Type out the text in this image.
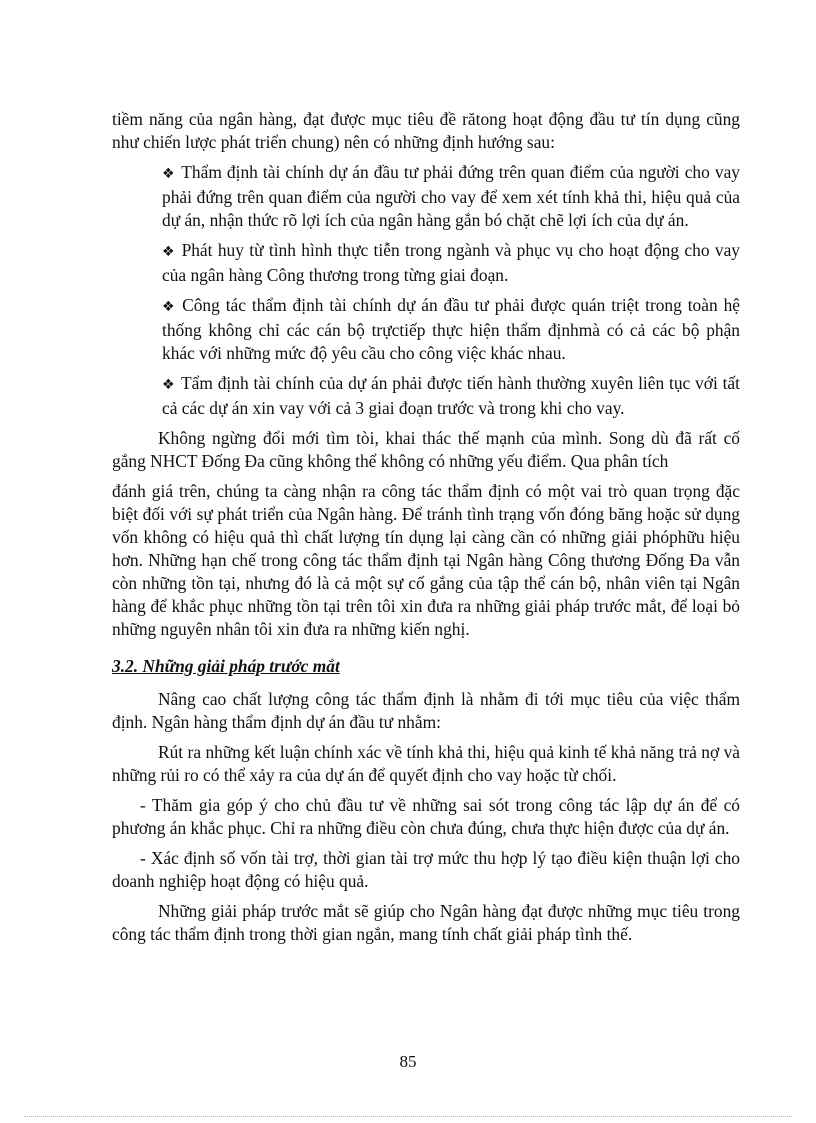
tiềm năng của ngân hàng, đạt được mục tiêu đề rătong hoạt động đầu tư tín dụng cũng như chiến lược phát triển chung) nên có những định hướng sau:

❖ Thẩm định tài chính dự án đầu tư phải đứng trên quan điểm của người cho vay phải đứng trên quan điểm của người cho vay để xem xét tính khả thi, hiệu quả của dự án, nhận thức rõ lợi ích của ngân hàng gắn bó chặt chẽ lợi ích của dự án.

❖ Phát huy từ tình hình thực tiễn trong ngành và phục vụ cho hoạt động cho vay của ngân hàng Công thương trong từng giai đoạn.

❖ Công tác thẩm định tài chính dự án đầu tư phải được quán triệt trong toàn hệ thống không chỉ các cán bộ trựctiếp thực hiện thẩm địnhmà có cả các bộ phận khác với những mức độ yêu cầu cho công việc khác nhau.

❖ Tẩm định tài chính của dự án phải được tiến hành thường xuyên liên tục với tất cả các dự án xin vay với cả 3 giai đoạn trước và trong khi cho vay.

Không ngừng đổi mới tìm tòi, khai thác thế mạnh của mình. Song dù đã rất cố gắng NHCT Đống Đa cũng không thể không có những yếu điểm. Qua phân tích

đánh giá trên, chúng ta càng nhận ra công tác thẩm định có một vai trò quan trọng đặc biệt đối với sự phát triển của Ngân hàng. Để tránh tình trạng vốn đóng băng hoặc sử dụng vốn không có hiệu quả thì chất lượng tín dụng lại càng cần có những giải phóphữu hiệu hơn. Những hạn chế trong công tác thẩm định tại Ngân hàng Công thương Đống Đa vẫn còn những tồn tại, nhưng đó là cả một sự cố gắng của tập thể cán bộ, nhân viên tại Ngân hàng để khắc phục những tồn tại trên tôi xin đưa ra những giải pháp trước mắt, để loại bỏ những nguyên nhân tôi xin đưa ra những kiến nghị.

3.2. Những giải pháp trước mắt

Nâng cao chất lượng công tác thẩm định là nhằm đi tới mục tiêu của việc thẩm định. Ngân hàng thẩm định dự án đầu tư nhằm:

Rút ra những kết luận chính xác về tính khả thi, hiệu quả kinh tế khả năng trả nợ và những rủi ro có thể xảy ra của dự án để quyết định cho vay hoặc từ chối.

- Thăm gia góp ý cho chủ đầu tư về những sai sót trong công tác lập dự án để có phương án khắc phục. Chỉ ra những điều còn chưa đúng, chưa thực hiện được của dự án.

- Xác định số vốn tài trợ, thời gian tài trợ mức thu hợp lý tạo điều kiện thuận lợi cho doanh nghiệp hoạt động có hiệu quả.

Những giải pháp trước mắt sẽ giúp cho Ngân hàng đạt được những mục tiêu trong công tác thẩm định trong thời gian ngắn, mang tính chất giải pháp tình thế.

85
